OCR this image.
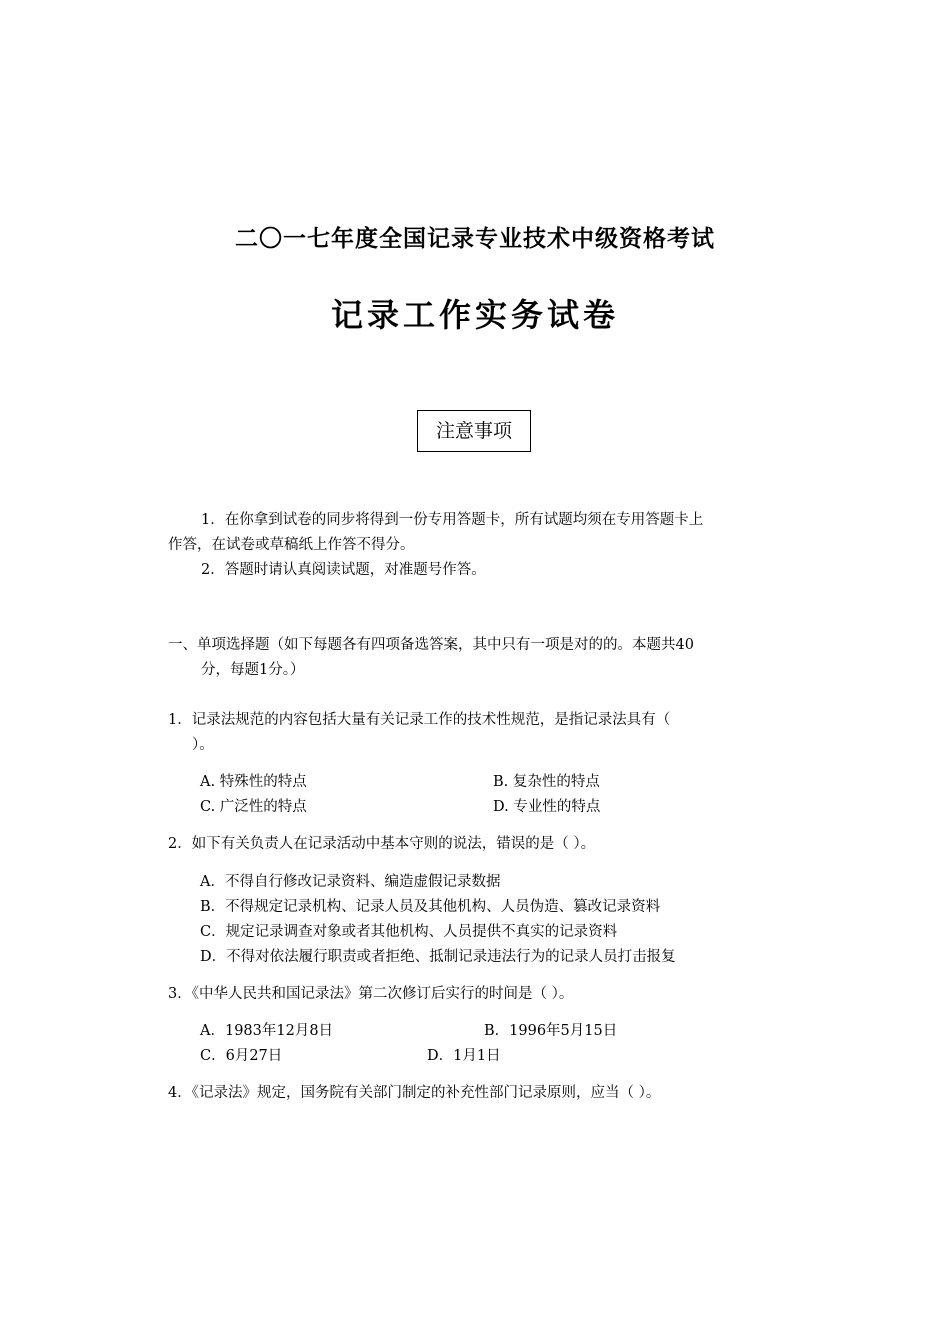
二〇一七年度全国记录专业技术中级资格考试
记录工作实务试卷
注意事项
1．在你拿到试卷的同步将得到一份专用答题卡，所有试题均须在专用答题卡上
作答，在试卷或草稿纸上作答不得分。
2．答题时请认真阅读试题，对准题号作答。
一、单项选择题（如下每题各有四项备选答案，其中只有一项是对的的。本题共40
分，每题1分。）
1．记录法规范的内容包括大量有关记录工作的技术性规范，是指记录法具有（
）。
A. 特殊性的特点	B. 复杂性的特点
C. 广泛性的特点	D. 专业性的特点
2．如下有关负责人在记录活动中基本守则的说法，错误的是（ ）。
A．不得自行修改记录资料、编造虚假记录数据
B．不得规定记录机构、记录人员及其他机构、人员伪造、篡改记录资料
C．规定记录调查对象或者其他机构、人员提供不真实的记录资料
D．不得对依法履行职责或者拒绝、抵制记录违法行为的记录人员打击报复
3．《中华人民共和国记录法》第二次修订后实行的时间是（ ）。
A．1983年12月8日	B．1996年5月15日
C．6月27日	D．1月1日
4．《记录法》规定，国务院有关部门制定的补充性部门记录原则，应当（ ）。
